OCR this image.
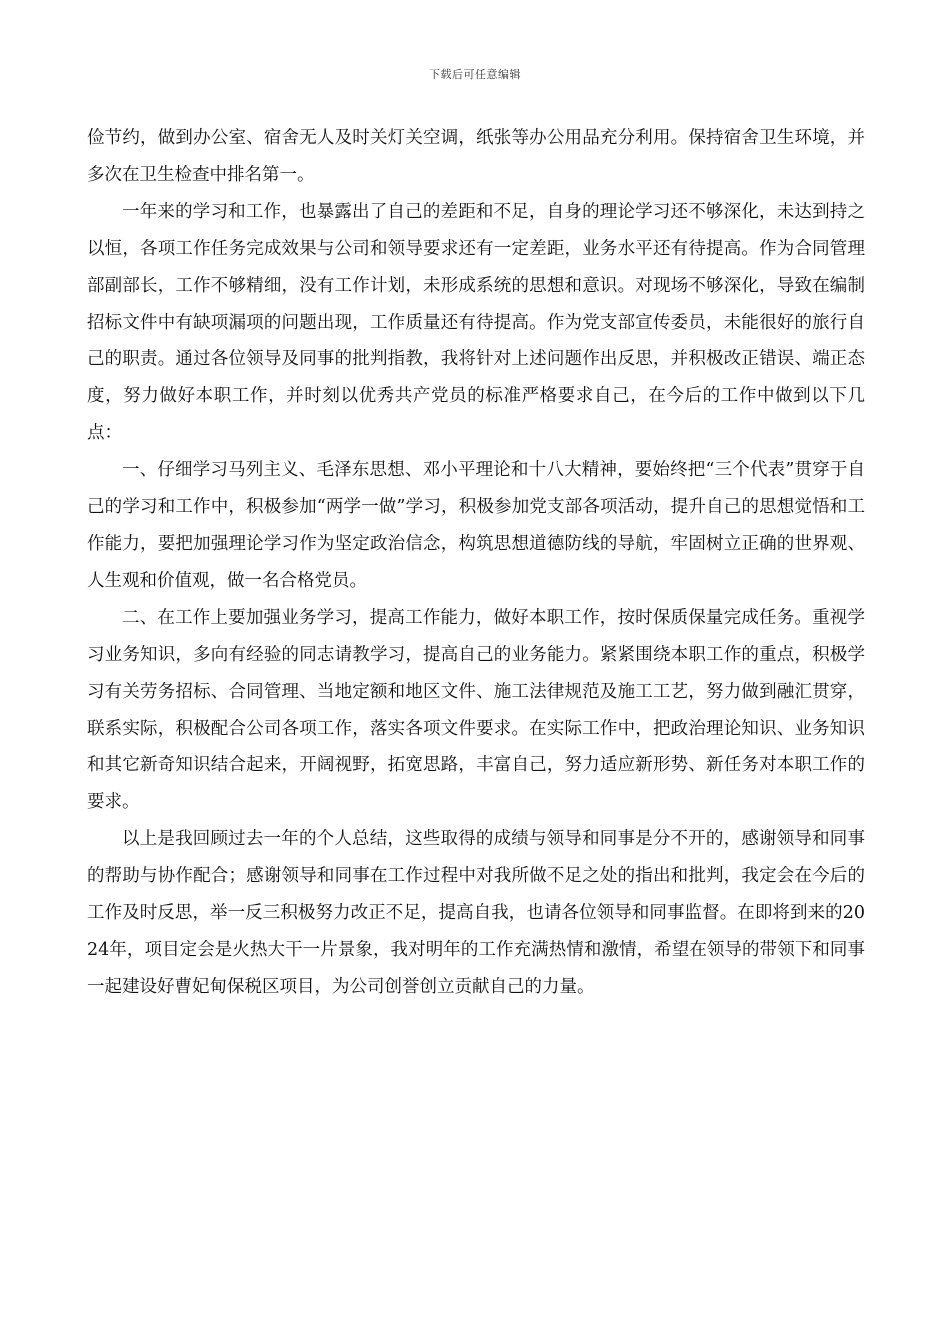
下载后可任意编辑

俭节约，做到办公室、宿舍无人及时关灯关空调，纸张等办公用品充分利用。保持宿舍卫生环境，并多次在卫生检查中排名第一。

一年来的学习和工作，也暴露出了自己的差距和不足，自身的理论学习还不够深化，未达到持之以恒，各项工作任务完成效果与公司和领导要求还有一定差距，业务水平还有待提高。作为合同管理部副部长，工作不够精细，没有工作计划，未形成系统的思想和意识。对现场不够深化，导致在编制招标文件中有缺项漏项的问题出现，工作质量还有待提高。作为党支部宣传委员，未能很好的旅行自己的职责。通过各位领导及同事的批判指教，我将针对上述问题作出反思，并积极改正错误、端正态度，努力做好本职工作，并时刻以优秀共产党员的标准严格要求自己，在今后的工作中做到以下几点：

一、仔细学习马列主义、毛泽东思想、邓小平理论和十八大精神，要始终把“三个代表”贯穿于自己的学习和工作中，积极参加“两学一做”学习，积极参加党支部各项活动，提升自己的思想觉悟和工作能力，要把加强理论学习作为坚定政治信念，构筑思想道德防线的导航，牢固树立正确的世界观、人生观和价值观，做一名合格党员。

二、在工作上要加强业务学习，提高工作能力，做好本职工作，按时保质保量完成任务。重视学习业务知识，多向有经验的同志请教学习，提高自己的业务能力。紧紧围绕本职工作的重点，积极学习有关劳务招标、合同管理、当地定额和地区文件、施工法律规范及施工工艺，努力做到融汇贯穿，联系实际，积极配合公司各项工作，落实各项文件要求。在实际工作中，把政治理论知识、业务知识和其它新奇知识结合起来，开阔视野，拓宽思路，丰富自己，努力适应新形势、新任务对本职工作的要求。

以上是我回顾过去一年的个人总结，这些取得的成绩与领导和同事是分不开的，感谢领导和同事的帮助与协作配合；感谢领导和同事在工作过程中对我所做不足之处的指出和批判，我定会在今后的工作及时反思，举一反三积极努力改正不足，提高自我，也请各位领导和同事监督。在即将到来的2024年，项目定会是火热大干一片景象，我对明年的工作充满热情和激情，希望在领导的带领下和同事一起建设好曹妃甸保税区项目，为公司创誉创立贡献自己的力量。
